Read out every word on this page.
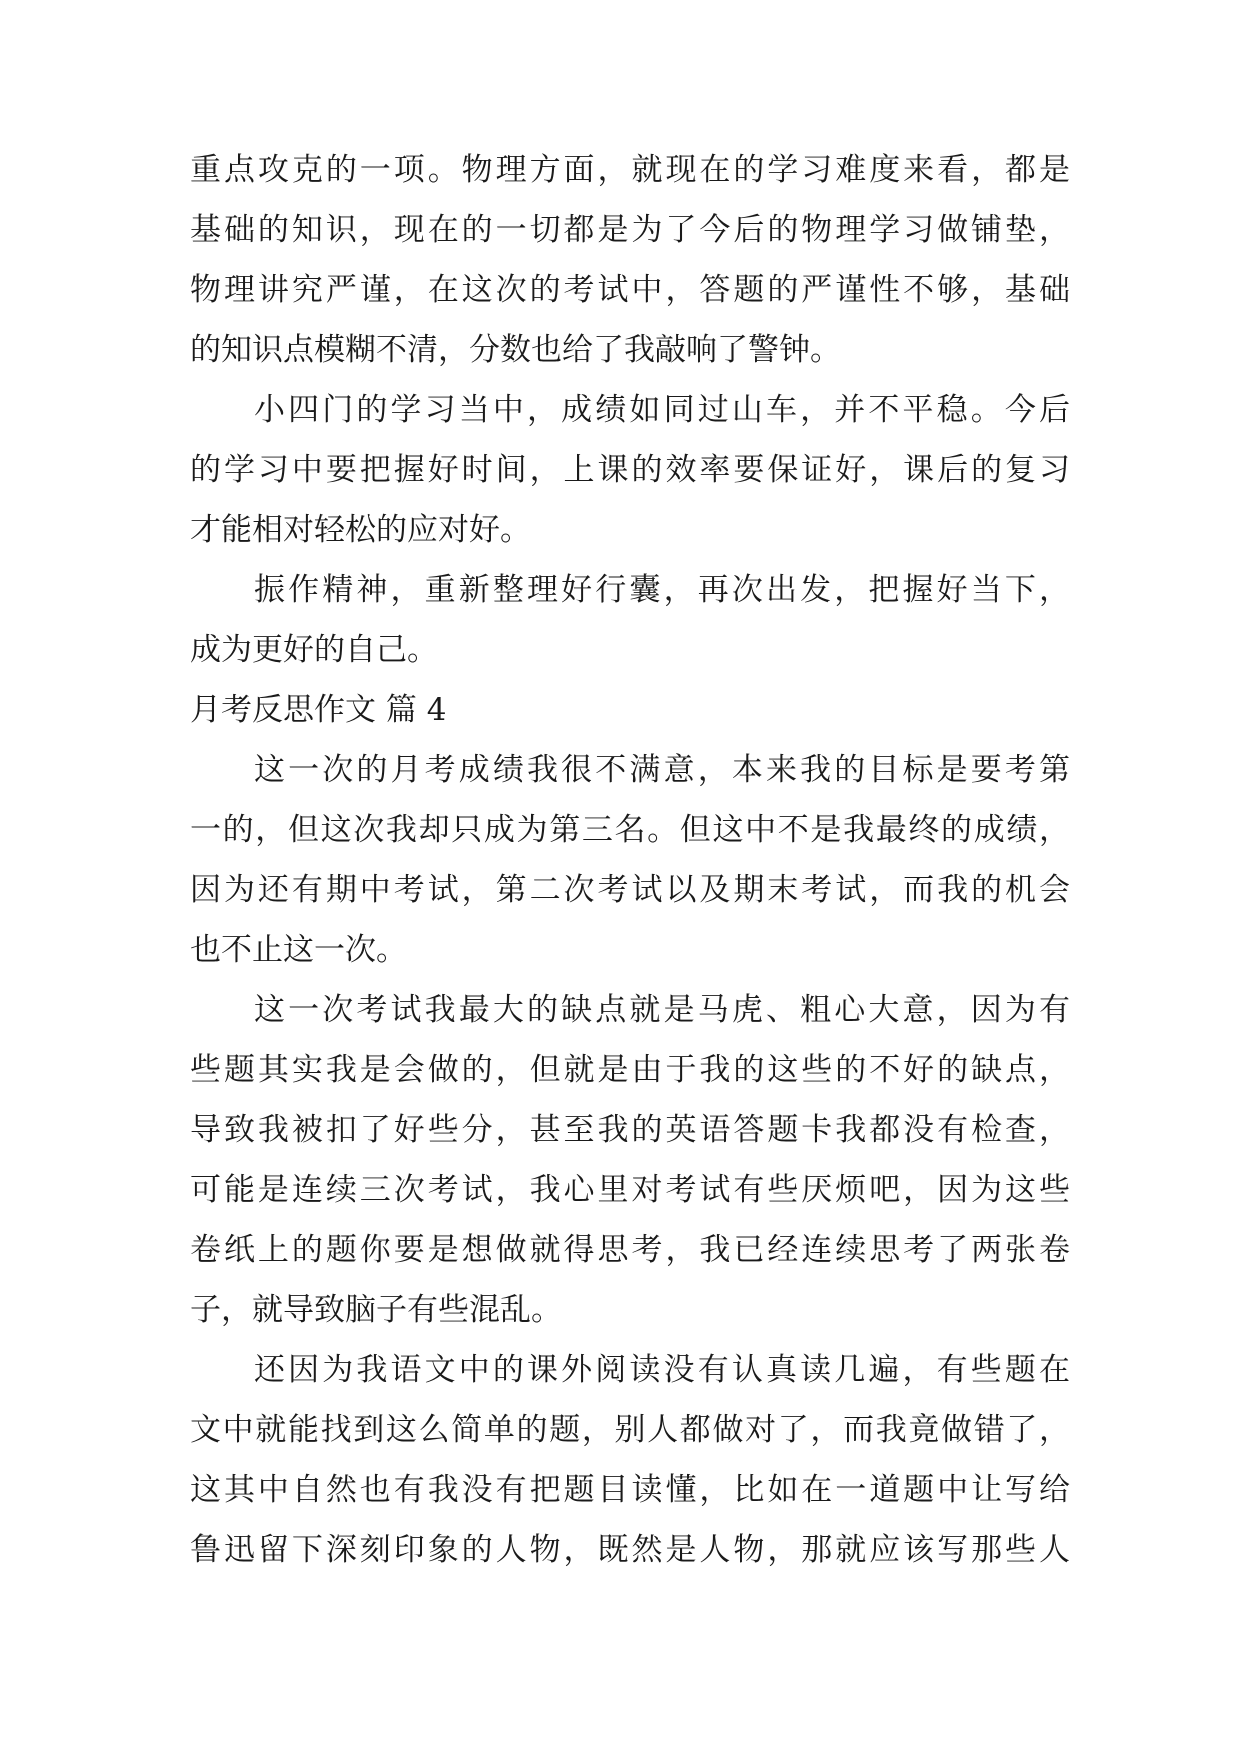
重点攻克的一项。物理方面，就现在的学习难度来看，都是
基础的知识，现在的一切都是为了今后的物理学习做铺垫，
物理讲究严谨，在这次的考试中，答题的严谨性不够，基础
的知识点模糊不清，分数也给了我敲响了警钟。
小四门的学习当中，成绩如同过山车，并不平稳。今后
的学习中要把握好时间，上课的效率要保证好，课后的复习
才能相对轻松的应对好。
振作精神，重新整理好行囊，再次出发，把握好当下，
成为更好的自己。
月考反思作文 篇 4
这一次的月考成绩我很不满意，本来我的目标是要考第
一的，但这次我却只成为第三名。但这中不是我最终的成绩，
因为还有期中考试，第二次考试以及期末考试，而我的机会
也不止这一次。
这一次考试我最大的缺点就是马虎、粗心大意，因为有
些题其实我是会做的，但就是由于我的这些的不好的缺点，
导致我被扣了好些分，甚至我的英语答题卡我都没有检查，
可能是连续三次考试，我心里对考试有些厌烦吧，因为这些
卷纸上的题你要是想做就得思考，我已经连续思考了两张卷
子，就导致脑子有些混乱。
还因为我语文中的课外阅读没有认真读几遍，有些题在
文中就能找到这么简单的题，别人都做对了，而我竟做错了，
这其中自然也有我没有把题目读懂，比如在一道题中让写给
鲁迅留下深刻印象的人物，既然是人物，那就应该写那些人
